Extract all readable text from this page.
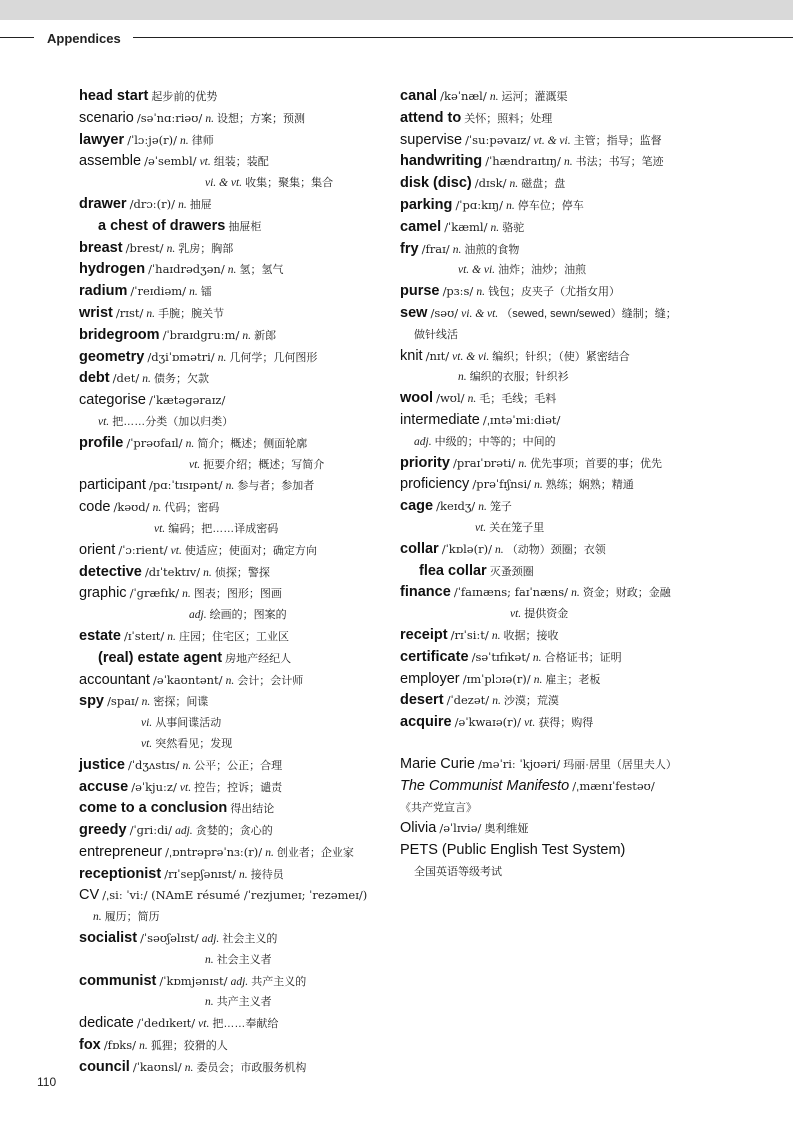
Appendices
head start 起步前的优势
scenario /səˈnɑːriəʊ/ n. 设想；方案；预测
lawyer /ˈlɔːjə(r)/ n. 律师
assemble /əˈsembl/ vt. 组装；装配
vi. & vt. 收集；聚集；集合
drawer /drɔː(r)/ n. 抽屉
a chest of drawers 抽屉柜
breast /brest/ n. 乳房；胸部
hydrogen /ˈhaɪdrədʒən/ n. 氢；氢气
radium /ˈreɪdiəm/ n. 镭
wrist /rɪst/ n. 手腕；腕关节
bridegroom /ˈbraɪdɡruːm/ n. 新郎
geometry /dʒiˈɒmətri/ n. 几何学；几何图形
debt /det/ n. 债务；欠款
categorise /ˈkætəɡəraɪz/
vt. 把……分类（加以归类）
profile /ˈprəʊfaɪl/ n. 简介；概述；侧面轮廓
vt. 扼要介绍；概述；写简介
participant /pɑːˈtɪsɪpənt/ n. 参与者；参加者
code /kəʊd/ n. 代码；密码
vt. 编码；把……译成密码
orient /ˈɔːrient/ vt. 使适应；使面对；确定方向
detective /dɪˈtektɪv/ n. 侦探；警探
graphic /ˈɡræfɪk/ n. 图表；图形；图画
adj. 绘画的；图案的
estate /ɪˈsteɪt/ n. 庄园；住宅区；工业区
(real) estate agent 房地产经纪人
accountant /əˈkaʊntənt/ n. 会计；会计师
spy /spaɪ/ n. 密探；间谍
vi. 从事间谍活动
vt. 突然看见；发现
justice /ˈdʒʌstɪs/ n. 公平；公正；合理
accuse /əˈkjuːz/ vt. 控告；控诉；谴责
come to a conclusion 得出结论
greedy /ˈɡriːdi/ adj. 贪婪的；贪心的
entrepreneur /ˌɒntrəprəˈnɜː(r)/ n. 创业者；企业家
receptionist /rɪˈsepʃənɪst/ n. 接待员
CV /ˌsiː ˈviː/ (NAmE résumé /ˈrezjumeɪ; ˈrezəmeɪ/)
n. 履历；简历
socialist /ˈsəʊʃəlɪst/ adj. 社会主义的
n. 社会主义者
communist /ˈkɒmjənɪst/ adj. 共产主义的
n. 共产主义者
dedicate /ˈdedɪkeɪt/ vt. 把……奉献给
fox /fɒks/ n. 狐狸；狡猾的人
council /ˈkaʊnsl/ n. 委员会；市政服务机构
canal /kəˈnæl/ n. 运河；灌溉渠
attend to 关怀；照料；处理
supervise /ˈsuːpəvaɪz/ vt. & vi. 主管；指导；监督
handwriting /ˈhændraɪtɪŋ/ n. 书法；书写；笔迹
disk (disc) /dɪsk/ n. 磁盘；盘
parking /ˈpɑːkɪŋ/ n. 停车位；停车
camel /ˈkæml/ n. 骆驼
fry /fraɪ/ n. 油煎的食物
vt. & vi. 油炸；油炒；油煎
purse /pɜːs/ n. 钱包；皮夹子（尤指女用）
sew /səʊ/ vi. & vt. （sewed, sewn/sewed）缝制；缝；
做针线活
knit /nɪt/ vt. & vi. 编织；针织；（使）紧密结合
n. 编织的衣服；针织衫
wool /wʊl/ n. 毛；毛线；毛料
intermediate /ˌɪntəˈmiːdiət/
adj. 中级的；中等的；中间的
priority /praɪˈɒrəti/ n. 优先事项；首要的事；优先
proficiency /prəˈfɪʃnsi/ n. 熟练；娴熟；精通
cage /keɪdʒ/ n. 笼子
vt. 关在笼子里
collar /ˈkɒlə(r)/ n. （动物）颈圈；衣领
flea collar 灭蚤颈圈
finance /ˈfaɪnæns; faɪˈnæns/ n. 资金；财政；金融
vt. 提供资金
receipt /rɪˈsiːt/ n. 收据；接收
certificate /səˈtɪfɪkət/ n. 合格证书；证明
employer /ɪmˈplɔɪə(r)/ n. 雇主；老板
desert /ˈdezət/ n. 沙漠；荒漠
acquire /əˈkwaɪə(r)/ vt. 获得；购得
Marie Curie /məˈriː ˈkjʊəri/ 玛丽·居里（居里夫人）
The Communist Manifesto /ˌmænɪˈfestəʊ/
《共产党宣言》
Olivia /əˈlɪviə/ 奥利维娅
PETS (Public English Test System)
全国英语等级考试
110
